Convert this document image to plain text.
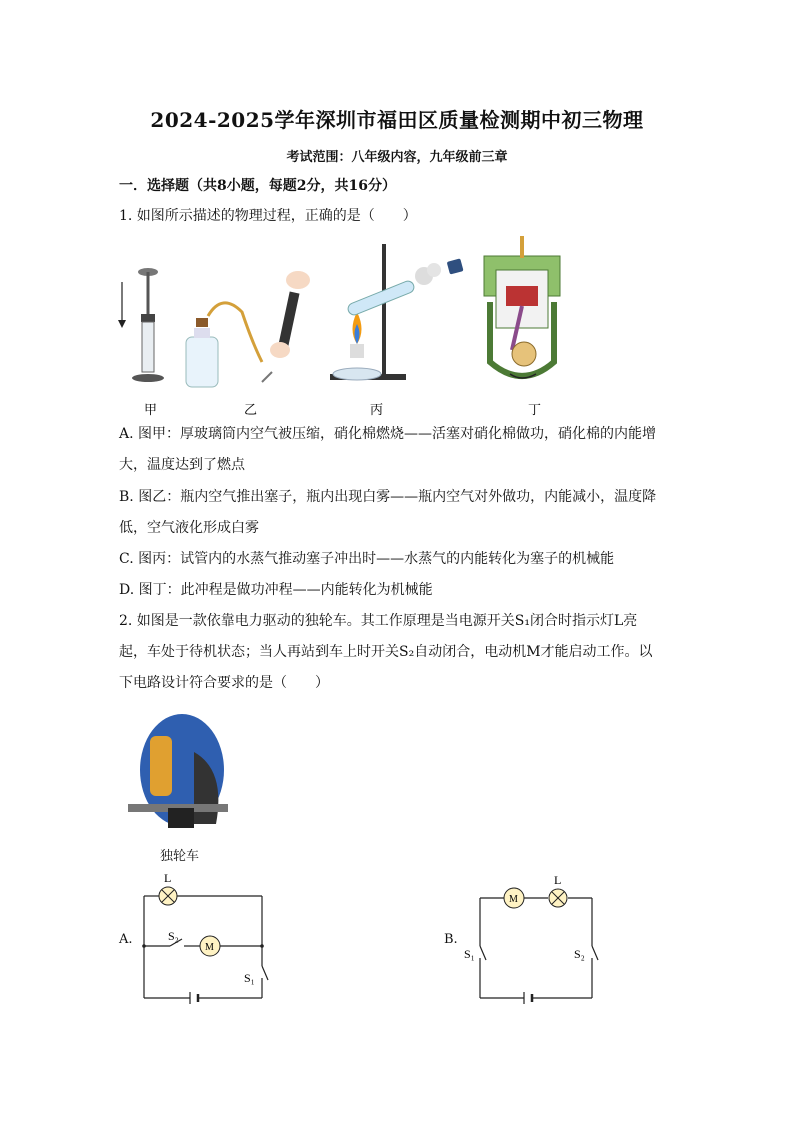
2024-2025学年深圳市福田区质量检测期中初三物理
考试范围：八年级内容，九年级前三章
一．选择题（共8小题，每题2分，共16分）
1. 如图所示描述的物理过程，正确的是（　　）
甲	乙	丙	丁
A. 图甲：厚玻璃筒内空气被压缩，硝化棉燃烧——活塞对硝化棉做功，硝化棉的内能增大，温度达到了燃点
B. 图乙：瓶内空气推出塞子，瓶内出现白雾——瓶内空气对外做功，内能减小，温度降低，空气液化形成白雾
C. 图丙：试管内的水蒸气推动塞子冲出时——水蒸气的内能转化为塞子的机械能
D. 图丁：此冲程是做功冲程——内能转化为机械能
2. 如图是一款依靠电力驱动的独轮车。其工作原理是当电源开关S₁闭合时指示灯L亮起，车处于待机状态；当人再站到车上时开关S₂自动闭合，电动机M才能启动工作。以下电路设计符合要求的是（　　）
独轮车
A.
L
M
S₂
S₁
B.
M
L
S₁	S₂
